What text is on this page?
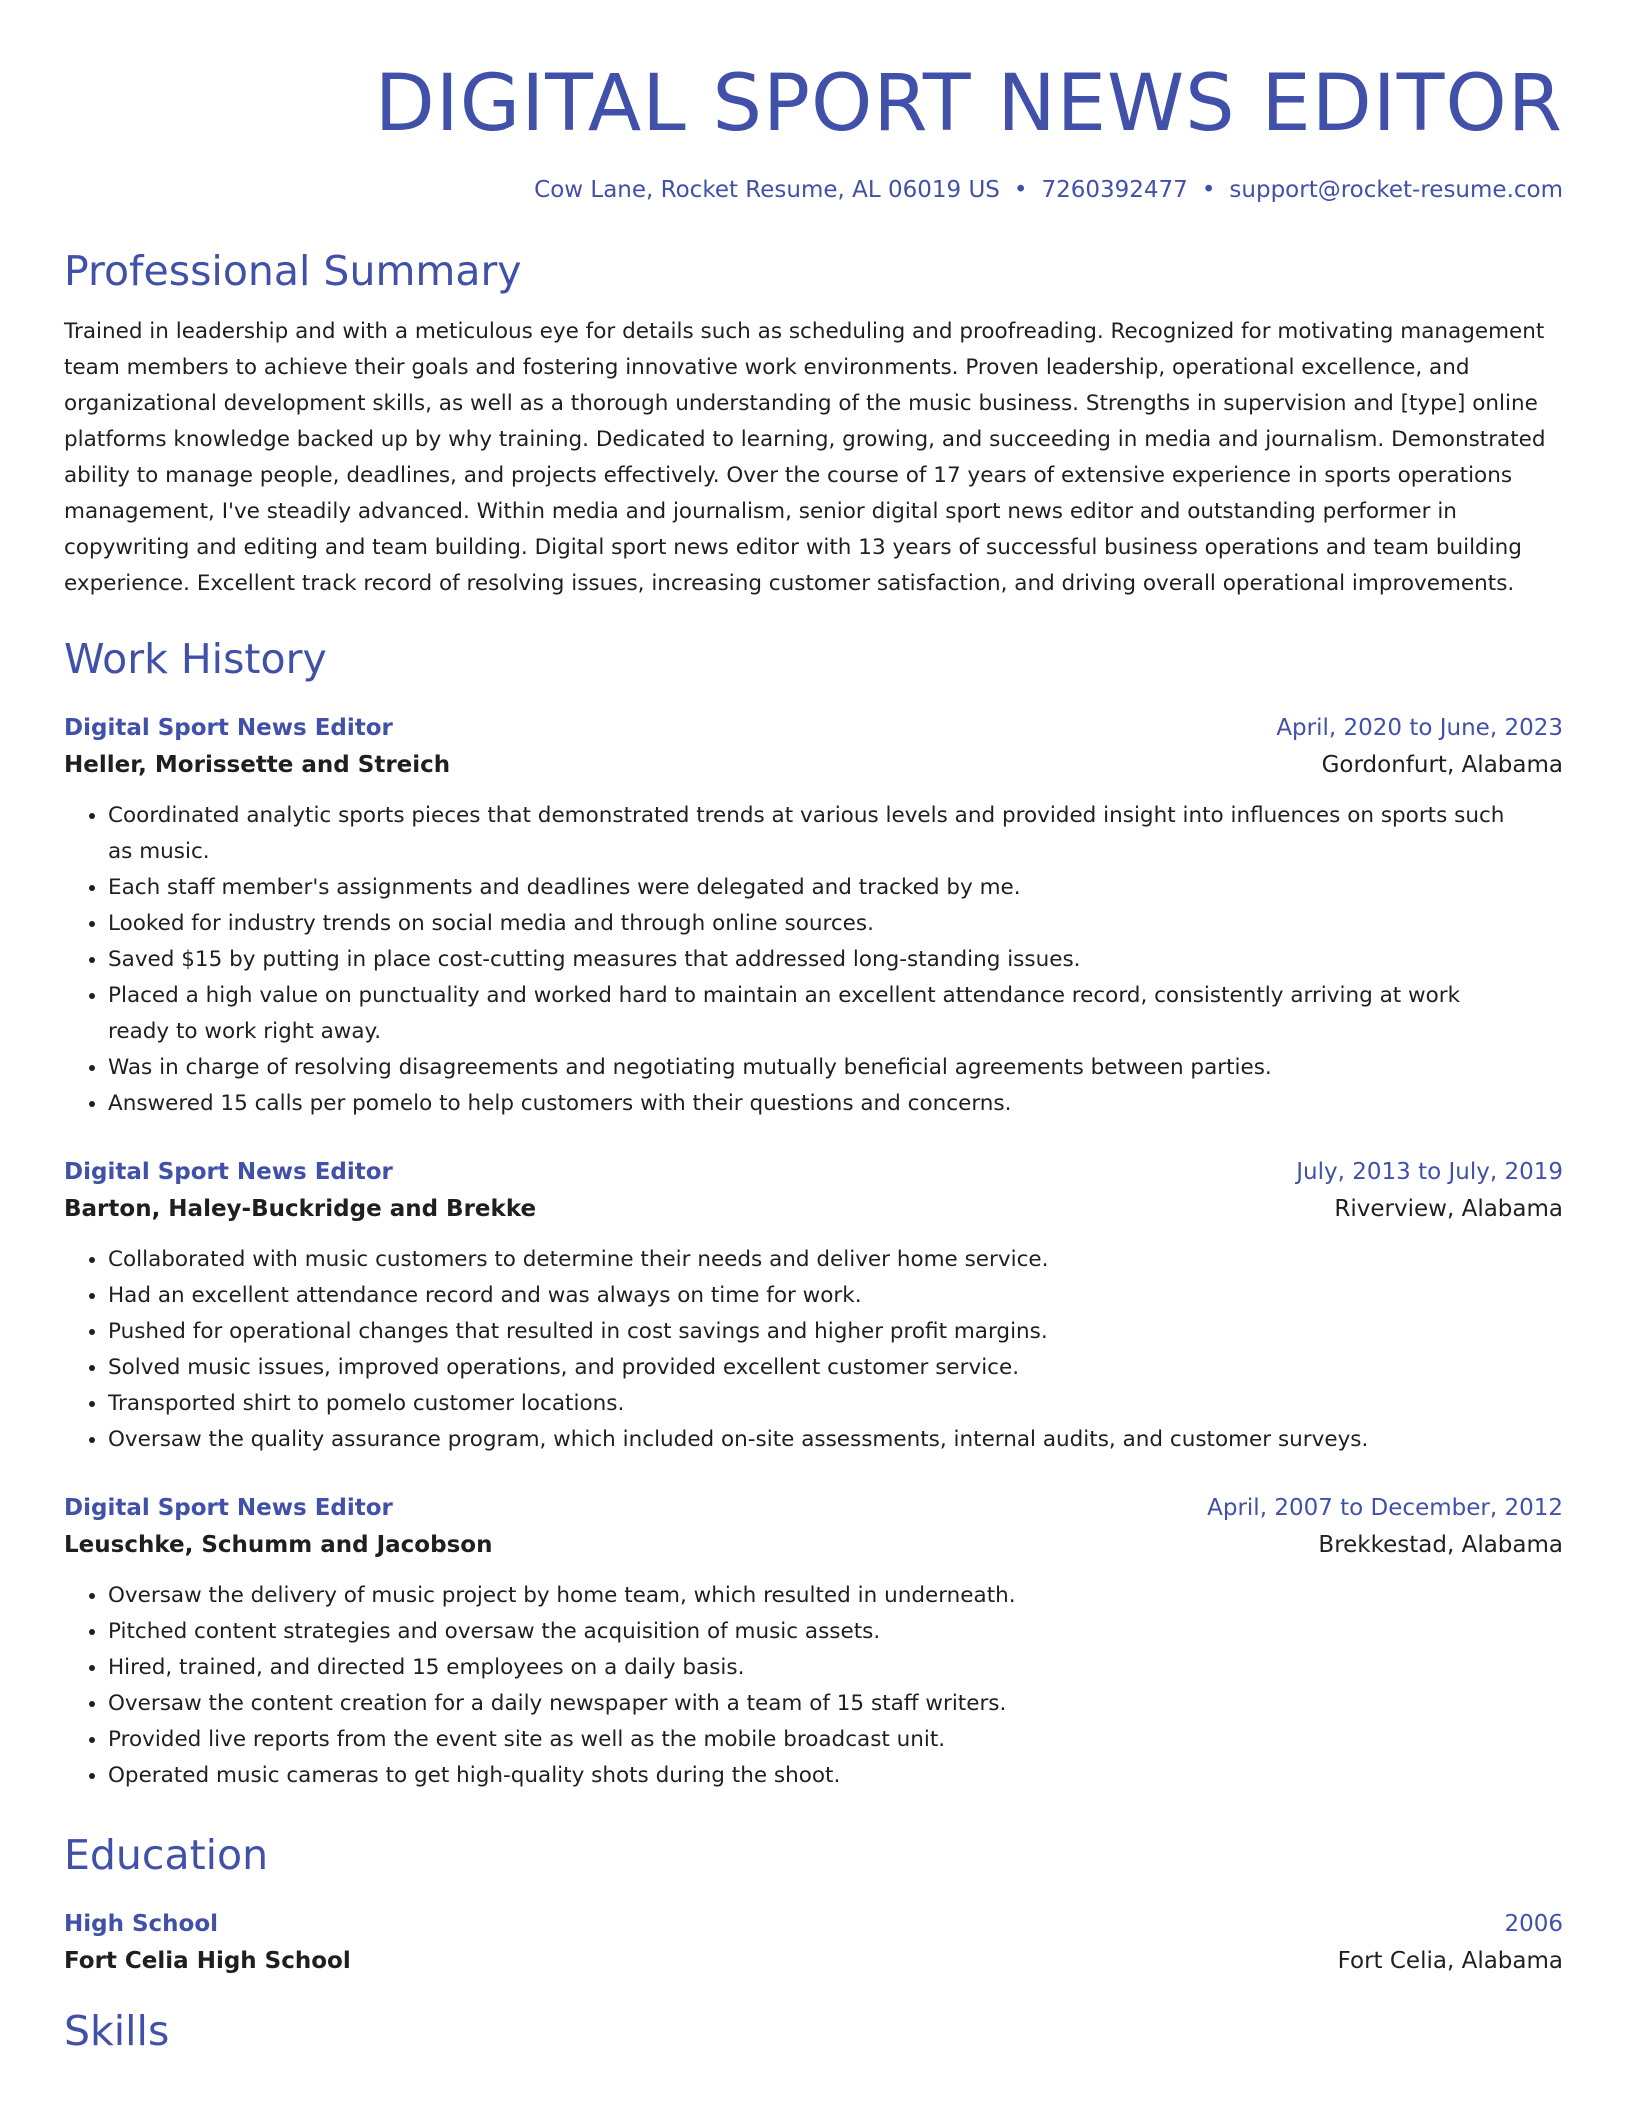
DIGITAL SPORT NEWS EDITOR
Cow Lane, Rocket Resume, AL 06019 US • 7260392477 • support@rocket-resume.com
Professional Summary

Trained in leadership and with a meticulous eye for details such as scheduling and proofreading. Recognized for motivating management team members to achieve their goals and fostering innovative work environments. Proven leadership, operational excellence, and organizational development skills, as well as a thorough understanding of the music business. Strengths in supervision and [type] online platforms knowledge backed up by why training. Dedicated to learning, growing, and succeeding in media and journalism. Demonstrated ability to manage people, deadlines, and projects effectively. Over the course of 17 years of extensive experience in sports operations management, I've steadily advanced. Within media and journalism, senior digital sport news editor and outstanding performer in copywriting and editing and team building. Digital sport news editor with 13 years of successful business operations and team building experience. Excellent track record of resolving issues, increasing customer satisfaction, and driving overall operational improvements.

Work History
Digital Sport News Editor	April, 2020 to June, 2023
Heller, Morissette and Streich	Gordonfurt, Alabama
• Coordinated analytic sports pieces that demonstrated trends at various levels and provided insight into influences on sports such as music.
• Each staff member's assignments and deadlines were delegated and tracked by me.
• Looked for industry trends on social media and through online sources.
• Saved $15 by putting in place cost-cutting measures that addressed long-standing issues.
• Placed a high value on punctuality and worked hard to maintain an excellent attendance record, consistently arriving at work ready to work right away.
• Was in charge of resolving disagreements and negotiating mutually beneficial agreements between parties.
• Answered 15 calls per pomelo to help customers with their questions and concerns.
Digital Sport News Editor	July, 2013 to July, 2019
Barton, Haley-Buckridge and Brekke	Riverview, Alabama
• Collaborated with music customers to determine their needs and deliver home service.
• Had an excellent attendance record and was always on time for work.
• Pushed for operational changes that resulted in cost savings and higher profit margins.
• Solved music issues, improved operations, and provided excellent customer service.
• Transported shirt to pomelo customer locations.
• Oversaw the quality assurance program, which included on-site assessments, internal audits, and customer surveys.
Digital Sport News Editor	April, 2007 to December, 2012
Leuschke, Schumm and Jacobson	Brekkestad, Alabama
• Oversaw the delivery of music project by home team, which resulted in underneath.
• Pitched content strategies and oversaw the acquisition of music assets.
• Hired, trained, and directed 15 employees on a daily basis.
• Oversaw the content creation for a daily newspaper with a team of 15 staff writers.
• Provided live reports from the event site as well as the mobile broadcast unit.
• Operated music cameras to get high-quality shots during the shoot.
Education
High School	2006
Fort Celia High School	Fort Celia, Alabama
Skills
